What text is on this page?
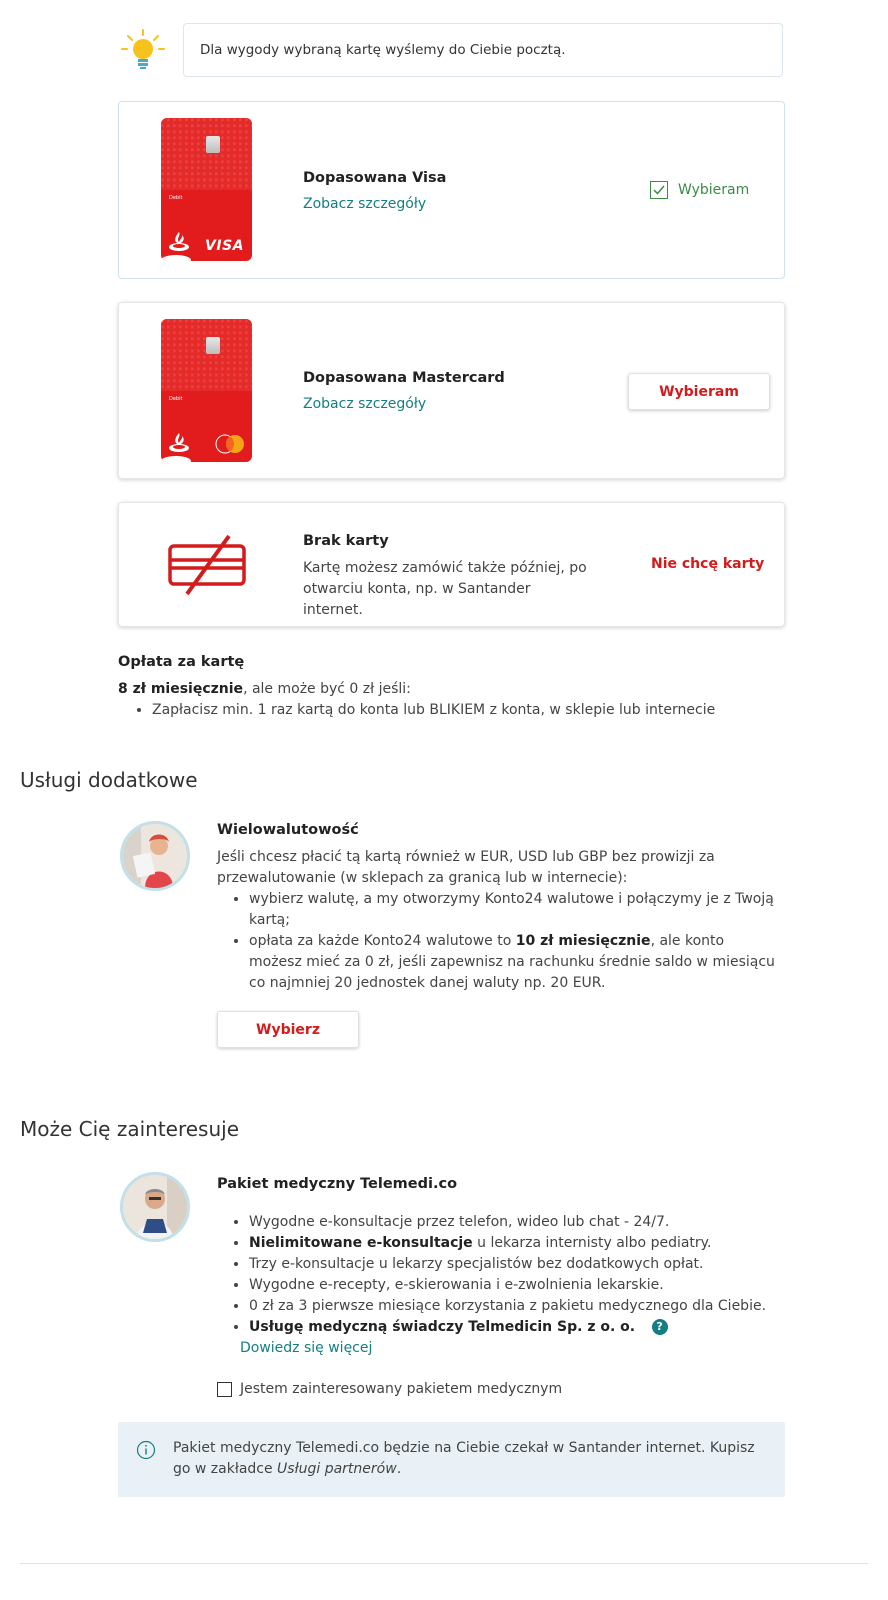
Dla wygody wybraną kartę wyślemy do Ciebie pocztą.
Debit
VISA
Dopasowana Visa
Zobacz szczegóły
Wybieram
Debit
Dopasowana Mastercard
Zobacz szczegóły
Wybieram
Brak karty
Kartę możesz zamówić także później, po otwarciu konta, np. w Santander internet.
Nie chcę karty
Opłata za kartę
8 zł miesięcznie, ale może być 0 zł jeśli:
• Zapłacisz min. 1 raz kartą do konta lub BLIKIEM z konta, w sklepie lub internecie
Usługi dodatkowe
Wielowalutowość
Jeśli chcesz płacić tą kartą również w EUR, USD lub GBP bez prowizji za przewalutowanie (w sklepach za granicą lub w internecie):
• wybierz walutę, a my otworzymy Konto24 walutowe i połączymy je z Twoją kartą;
• opłata za każde Konto24 walutowe to 10 zł miesięcznie, ale konto możesz mieć za 0 zł, jeśli zapewnisz na rachunku średnie saldo w miesiącu co najmniej 20 jednostek danej waluty np. 20 EUR.
Wybierz
Może Cię zainteresuje
Pakiet medyczny Telemedi.co
• Wygodne e-konsultacje przez telefon, wideo lub chat - 24/7.
• Nielimitowane e-konsultacje u lekarza internisty albo pediatry.
• Trzy e-konsultacje u lekarzy specjalistów bez dodatkowych opłat.
• Wygodne e-recepty, e-skierowania i e-zwolnienia lekarskie.
• 0 zł za 3 pierwsze miesiące korzystania z pakietu medycznego dla Ciebie.
• Usługę medyczną świadczy Telmedicin Sp. z o. o. ?
Dowiedz się więcej
Jestem zainteresowany pakietem medycznym
Pakiet medyczny Telemedi.co będzie na Ciebie czekał w Santander internet. Kupisz go w zakładce Usługi partnerów.
